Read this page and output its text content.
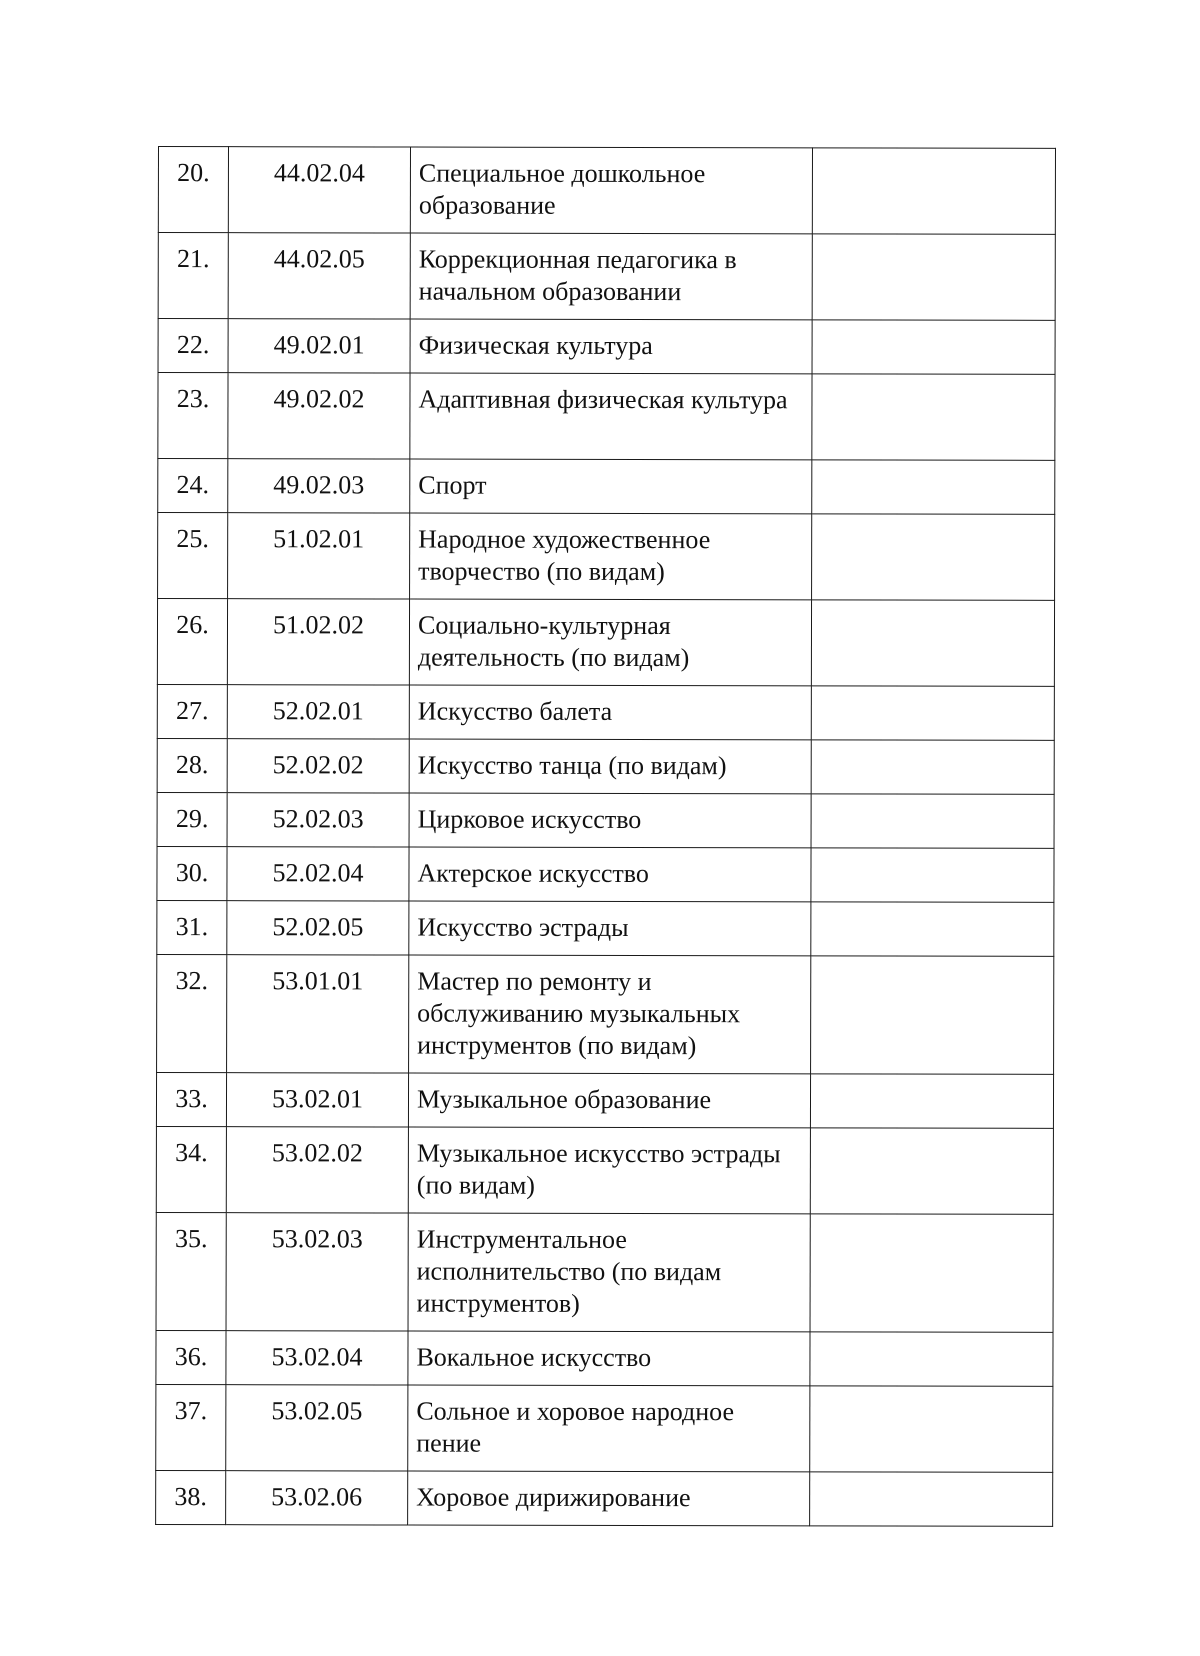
20.	44.02.04	Специальное дошкольное образование	
21.	44.02.05	Коррекционная педагогика в начальном образовании	
22.	49.02.01	Физическая культура	
23.	49.02.02	Адаптивная физическая культура	
24.	49.02.03	Спорт	
25.	51.02.01	Народное художественное творчество (по видам)	
26.	51.02.02	Социально-культурная деятельность (по видам)	
27.	52.02.01	Искусство балета	
28.	52.02.02	Искусство танца (по видам)	
29.	52.02.03	Цирковое искусство	
30.	52.02.04	Актерское искусство	
31.	52.02.05	Искусство эстрады	
32.	53.01.01	Мастер по ремонту и обслуживанию музыкальных инструментов (по видам)	
33.	53.02.01	Музыкальное образование	
34.	53.02.02	Музыкальное искусство эстрады (по видам)	
35.	53.02.03	Инструментальное исполнительство (по видам инструментов)	
36.	53.02.04	Вокальное искусство	
37.	53.02.05	Сольное и хоровое народное пение	
38.	53.02.06	Хоровое дирижирование	
